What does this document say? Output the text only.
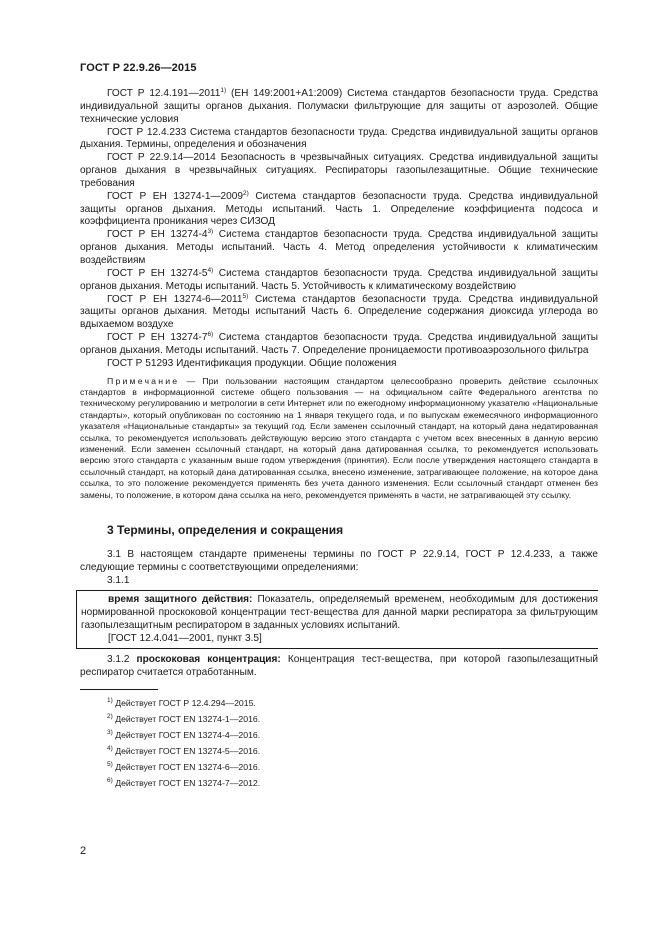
ГОСТ Р 22.9.26—2015

ГОСТ Р 12.4.191—2011$^{1)}$ (ЕН 149:2001+А1:2009) Система стандартов безопасности труда. Средства индивидуальной защиты органов дыхания. Полумаски фильтрующие для защиты от аэрозолей. Общие технические условия

ГОСТ Р 12.4.233 Система стандартов безопасности труда. Средства индивидуальной защиты органов дыхания. Термины, определения и обозначения

ГОСТ Р 22.9.14—2014 Безопасность в чрезвычайных ситуациях. Средства индивидуальной защиты органов дыхания в чрезвычайных ситуациях. Респираторы газопылезащитные. Общие технические требования

ГОСТ Р ЕН 13274-1—2009$^{2)}$ Система стандартов безопасности труда. Средства индивидуальной защиты органов дыхания. Методы испытаний. Часть 1. Определение коэффициента подсоса и коэффициента проникания через СИЗОД

ГОСТ Р ЕН 13274-4$^{3)}$ Система стандартов безопасности труда. Средства индивидуальной защиты органов дыхания. Методы испытаний. Часть 4. Метод определения устойчивости к климатическим воздействиям

ГОСТ Р ЕН 13274-5$^{4)}$ Система стандартов безопасности труда. Средства индивидуальной защиты органов дыхания. Методы испытаний. Часть 5. Устойчивость к климатическому воздействию

ГОСТ Р ЕН 13274-6—2011$^{5)}$ Система стандартов безопасности труда. Средства индивидуальной защиты органов дыхания. Методы испытаний Часть 6. Определение содержания диоксида углерода во вдыхаемом воздухе

ГОСТ Р ЕН 13274-7$^{6)}$ Система стандартов безопасности труда. Средства индивидуальной защиты органов дыхания. Методы испытаний. Часть 7. Определение проницаемости противоаэрозольного фильтра

ГОСТ Р 51293 Идентификация продукции. Общие положения

Примечание — При пользовании настоящим стандартом целесообразно проверить действие ссылочных стандартов в информационной системе общего пользования — на официальном сайте Федерального агентства по техническому регулированию и метрологии в сети Интернет или по ежегодному информационному указателю «Национальные стандарты», который опубликован по состоянию на 1 января текущего года, и по выпускам ежемесячного информационного указателя «Национальные стандарты» за текущий год. Если заменен ссылочный стандарт, на который дана недатированная ссылка, то рекомендуется использовать действующую версию этого стандарта с учетом всех внесенных в данную версию изменений. Если заменен ссылочный стандарт, на который дана датированная ссылка, то рекомендуется использовать версию этого стандарта с указанным выше годом утверждения (принятия). Если после утверждения настоящего стандарта в ссылочный стандарт, на который дана датированная ссылка, внесено изменение, затрагивающее положение, на которое дана ссылка, то это положение рекомендуется применять без учета данного изменения. Если ссылочный стандарт отменен без замены, то положение, в котором дана ссылка на него, рекомендуется применять в части, не затрагивающей эту ссылку.

3 Термины, определения и сокращения

3.1 В настоящем стандарте применены термины по ГОСТ Р 22.9.14, ГОСТ Р 12.4.233, а также следующие термины с соответствующими определениями:

3.1.1

время защитного действия: Показатель, определяемый временем, необходимым для достижения нормированной проскоковой концентрации тест-вещества для данной марки респиратора за фильтрующим газопылезащитным респиратором в заданных условиях испытаний.

[ГОСТ 12.4.041—2001, пункт 3.5]

3.1.2 проскоковая концентрация: Концентрация тест-вещества, при которой газопылезащитный респиратор считается отработанным.

$^{1)}$ Действует ГОСТ Р 12.4.294—2015.
$^{2)}$ Действует ГОСТ EN 13274-1—2016.
$^{3)}$ Действует ГОСТ EN 13274-4—2016.
$^{4)}$ Действует ГОСТ EN 13274-5—2016.
$^{5)}$ Действует ГОСТ EN 13274-6—2016.
$^{6)}$ Действует ГОСТ EN 13274-7—2012.
2
